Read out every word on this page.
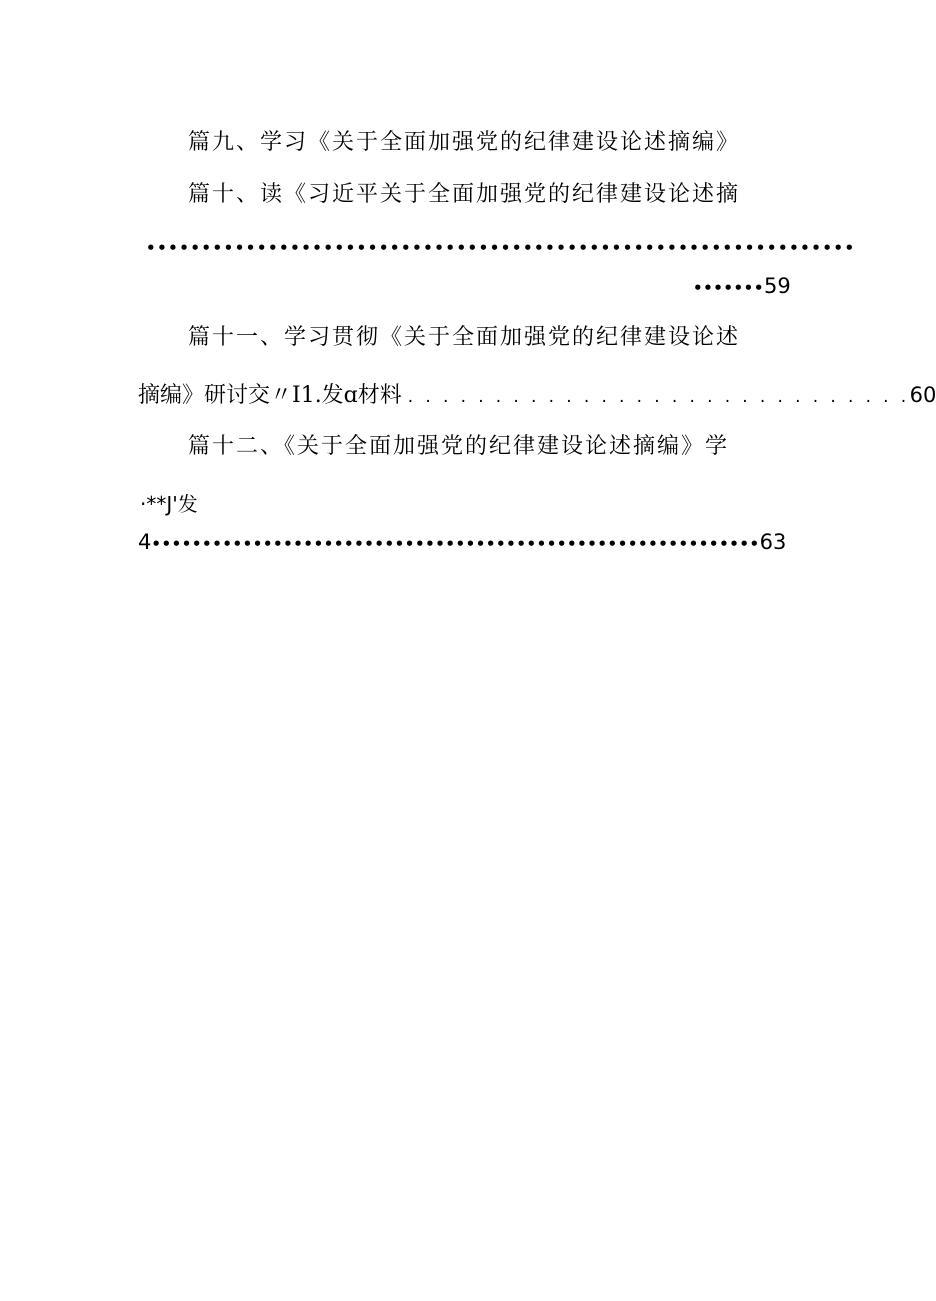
篇九、学习《关于全面加强党的纪律建设论述摘编》
篇十、读《习近平关于全面加强党的纪律建设论述摘
••••••••••••••••••••••••••••••••••••••••••••••••••••••••••••••••
•••••••59
篇十一、学习贯彻《关于全面加强党的纪律建设论述
摘编》研讨交〃I1.发ɑ材料 . . . . . . . . . . . . . . . . . . . . . . . . . . . . .60
篇十二、《关于全面加强党的纪律建设论述摘编》学
·**J'发
4••••••••••••••••••••••••••••••••••••••••••••••••••••••••••••63
